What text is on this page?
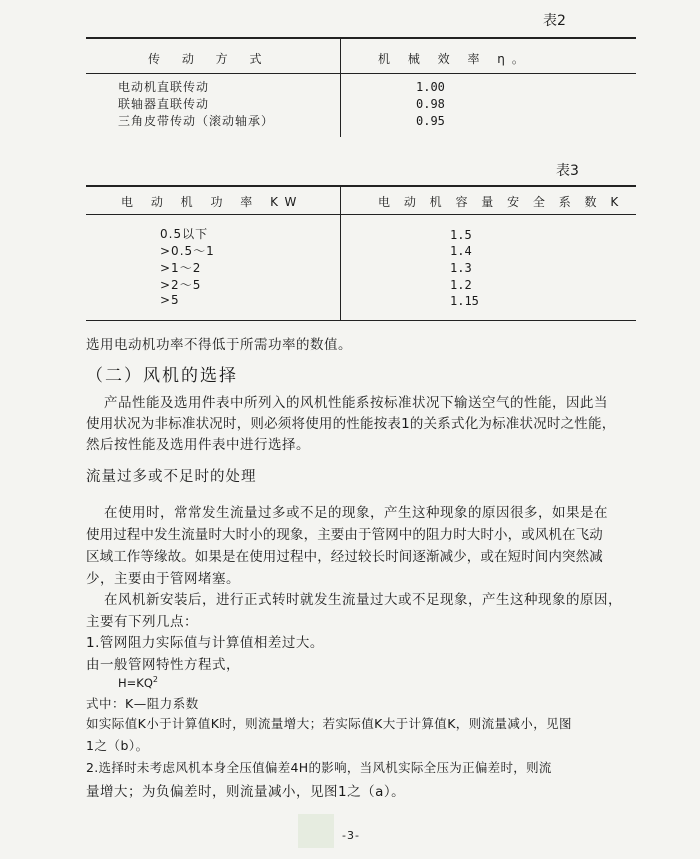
表2
传 动 方 式	机 械 效 率 η。
电动机直联传动	1.00
联轴器直联传动	0.98
三角皮带传动（滚动轴承）	0.95
表3
电 动 机 功 率 KW	电 动 机 容 量 安 全 系 数 K
0.5以下	1.5
>0.5～1	1.4
>1～2	1.3
>2～5	1.2
>5	1.15
选用电动机功率不得低于所需功率的数值。
（二）风机的选择
产品性能及选用件表中所列入的风机性能系按标准状况下输送空气的性能，因此当
使用状况为非标准状况时，则必须将使用的性能按表1的关系式化为标准状况时之性能，
然后按性能及选用件表中进行选择。
流量过多或不足时的处理
在使用时，常常发生流量过多或不足的现象，产生这种现象的原因很多，如果是在
使用过程中发生流量时大时小的现象，主要由于管网中的阻力时大时小，或风机在飞动
区域工作等缘故。如果是在使用过程中，经过较长时间逐渐减少，或在短时间内突然减
少，主要由于管网堵塞。
在风机新安装后，进行正式转时就发生流量过大或不足现象，产生这种现象的原因，
主要有下列几点：
1.管网阻力实际值与计算值相差过大。
由一般管网特性方程式，
$H=KQ^2$
式中：K—阻力系数
如实际值K小于计算值K时，则流量增大；若实际值K大于计算值K，则流量减小，见图
1之（b）。
2.选择时未考虑风机本身全压值偏差4H的影响，当风机实际全压为正偏差时，则流
量增大；为负偏差时，则流量减小，见图1之（a）。
-3-
